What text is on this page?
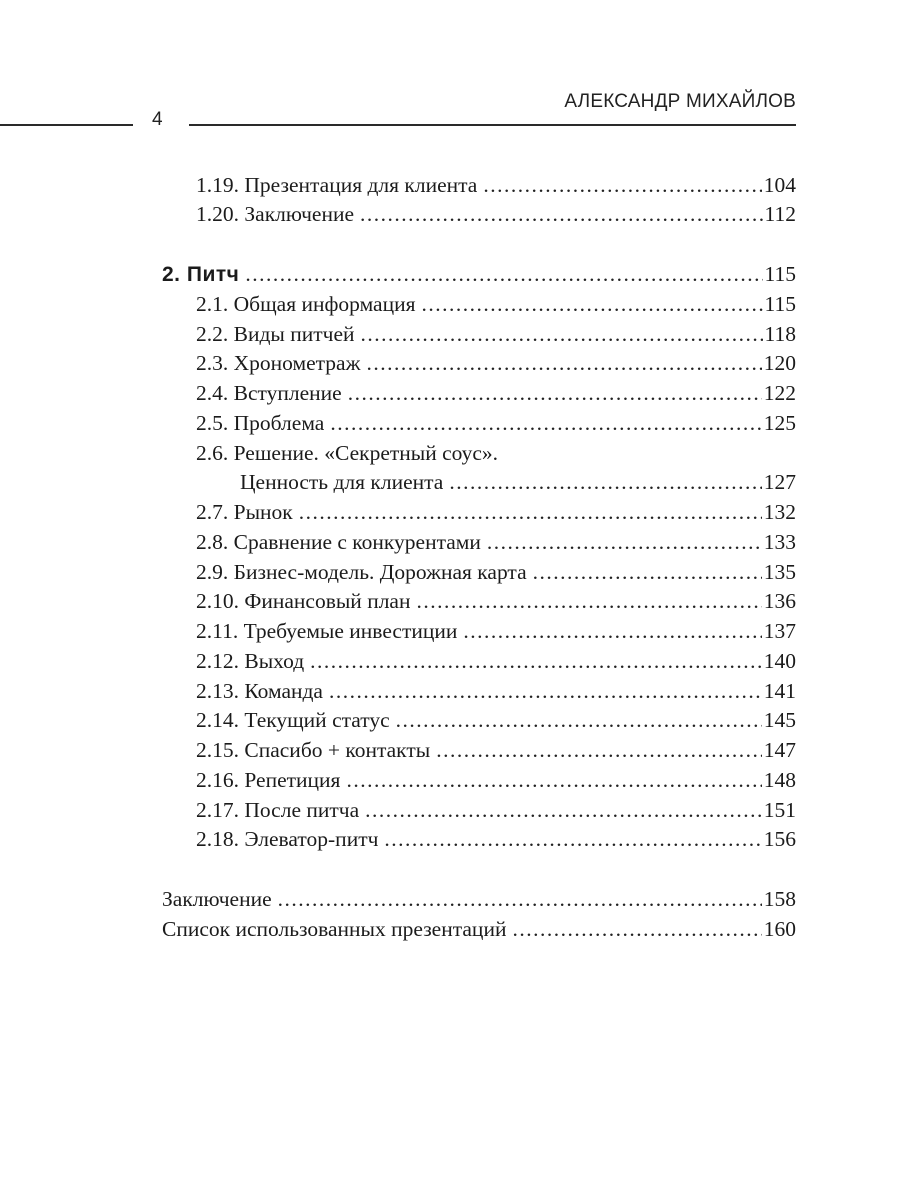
АЛЕКСАНДР МИХАЙЛОВ
4
1.19. Презентация для клиента .....	104
1.20. Заключение .....	112
2. Питч .....	115
2.1. Общая информация .....	115
2.2. Виды питчей .....	118
2.3. Хронометраж .....	120
2.4. Вступление .....	122
2.5. Проблема .....	125
2.6. Решение. «Секретный соус».
Ценность для клиента .....	127
2.7. Рынок .....	132
2.8. Сравнение с конкурентами .....	133
2.9. Бизнес-модель. Дорожная карта .....	135
2.10. Финансовый план .....	136
2.11. Требуемые инвестиции .....	137
2.12. Выход .....	140
2.13. Команда .....	141
2.14. Текущий статус .....	145
2.15. Спасибо + контакты .....	147
2.16. Репетиция .....	148
2.17. После питча .....	151
2.18. Элеватор-питч .....	156
Заключение .....	158
Список использованных презентаций .....	160
